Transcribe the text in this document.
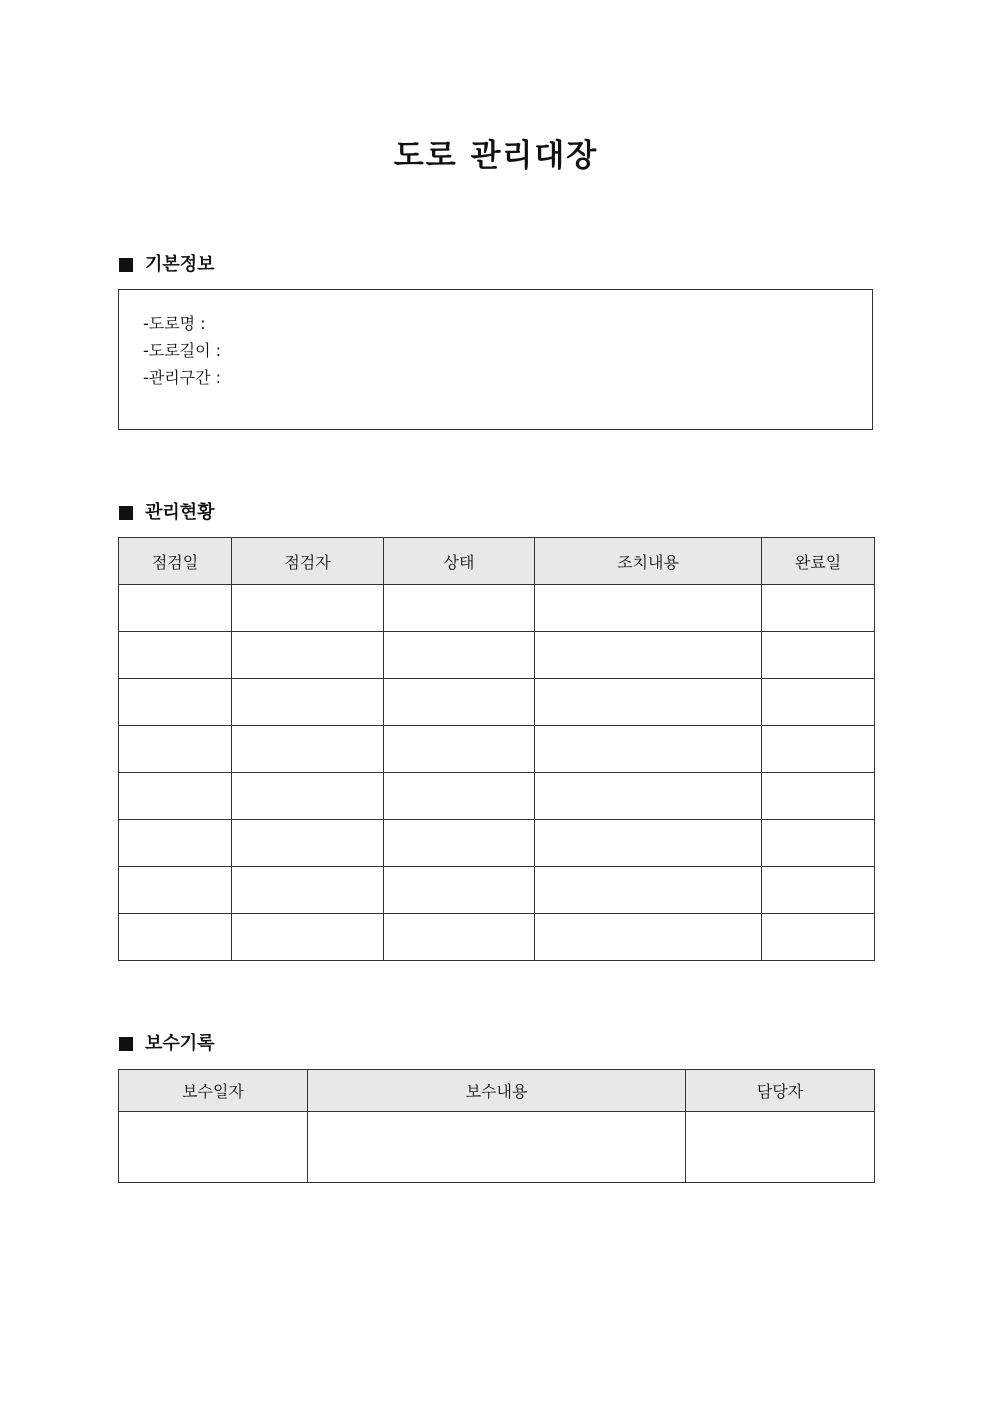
도로 관리대장
기본정보
-도로명 :
-도로길이 :
-관리구간 :
관리현황
점검일	점검자	상태	조치내용	완료일

보수기록
보수일자	보수내용	담당자
